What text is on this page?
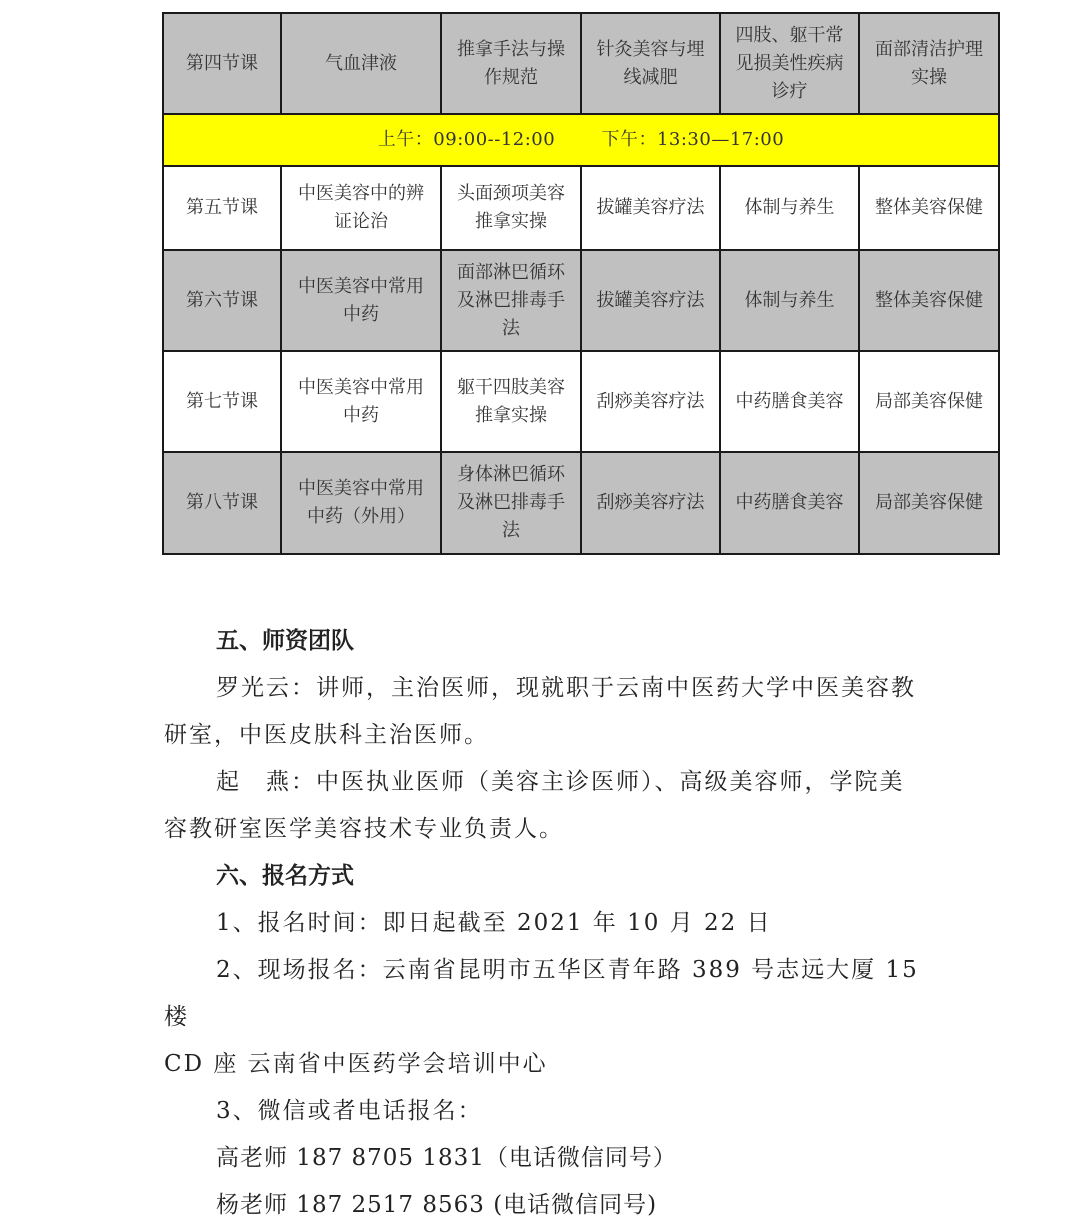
第四节课	气血津液	推拿手法与操作规范	针灸美容与埋线减肥	四肢、躯干常见损美性疾病诊疗	面部清洁护理实操
上午：09:00--12:00 下午：13:30—17:00					
第五节课	中医美容中的辨证论治	头面颈项美容推拿实操	拔罐美容疗法	体制与养生	整体美容保健
第六节课	中医美容中常用中药	面部淋巴循环及淋巴排毒手法	拔罐美容疗法	体制与养生	整体美容保健
第七节课	中医美容中常用中药	躯干四肢美容推拿实操	刮痧美容疗法	中药膳食美容	局部美容保健
第八节课	中医美容中常用中药（外用）	身体淋巴循环及淋巴排毒手法	刮痧美容疗法	中药膳食美容	局部美容保健

五、师资团队

罗光云：讲师，主治医师，现就职于云南中医药大学中医美容教

研室，中医皮肤科主治医师。

起　燕：中医执业医师（美容主诊医师）、高级美容师，学院美

容教研室医学美容技术专业负责人。

六、报名方式

1、报名时间：即日起截至 2021 年 10 月 22 日

2、现场报名：云南省昆明市五华区青年路 389 号志远大厦 15 楼

CD 座 云南省中医药学会培训中心

3、微信或者电话报名：

高老师 187 8705 1831（电话微信同号）

杨老师 187 2517 8563 (电话微信同号)
